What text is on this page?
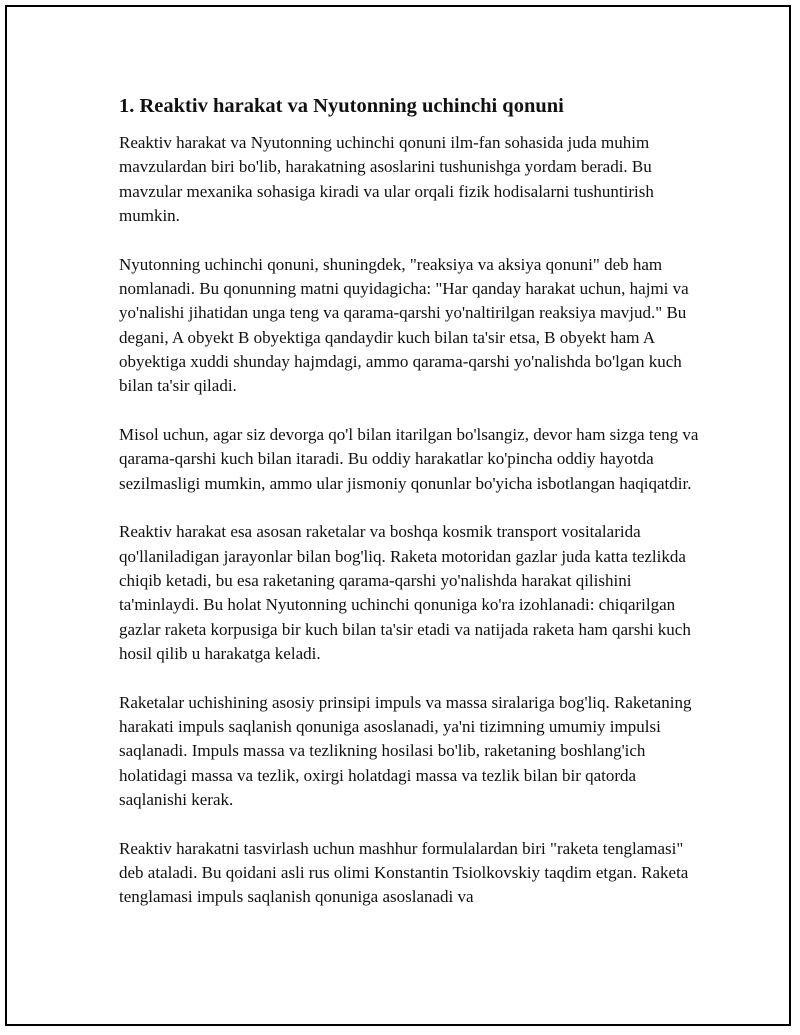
1. Reaktiv harakat va Nyutonning uchinchi qonuni

Reaktiv harakat va Nyutonning uchinchi qonuni ilm-fan sohasida juda muhim mavzulardan biri bo'lib, harakatning asoslarini tushunishga yordam beradi. Bu mavzular mexanika sohasiga kiradi va ular orqali fizik hodisalarni tushuntirish mumkin.

Nyutonning uchinchi qonuni, shuningdek, "reaksiya va aksiya qonuni" deb ham nomlanadi. Bu qonunning matni quyidagicha: "Har qanday harakat uchun, hajmi va yo'nalishi jihatidan unga teng va qarama-qarshi yo'naltirilgan reaksiya mavjud." Bu degani, A obyekt B obyektiga qandaydir kuch bilan ta'sir etsa, B obyekt ham A obyektiga xuddi shunday hajmdagi, ammo qarama-qarshi yo'nalishda bo'lgan kuch bilan ta'sir qiladi.

Misol uchun, agar siz devorga qo'l bilan itarilgan bo'lsangiz, devor ham sizga teng va qarama-qarshi kuch bilan itaradi. Bu oddiy harakatlar ko'pincha oddiy hayotda sezilmasligi mumkin, ammo ular jismoniy qonunlar bo'yicha isbotlangan haqiqatdir.

Reaktiv harakat esa asosan raketalar va boshqa kosmik transport vositalarida qo'llaniladigan jarayonlar bilan bog'liq. Raketa motoridan gazlar juda katta tezlikda chiqib ketadi, bu esa raketaning qarama-qarshi yo'nalishda harakat qilishini ta'minlaydi. Bu holat Nyutonning uchinchi qonuniga ko'ra izohlanadi: chiqarilgan gazlar raketa korpusiga bir kuch bilan ta'sir etadi va natijada raketa ham qarshi kuch hosil qilib u harakatga keladi.

Raketalar uchishining asosiy prinsipi impuls va massa siralariga bog'liq. Raketaning harakati impuls saqlanish qonuniga asoslanadi, ya'ni tizimning umumiy impulsi saqlanadi. Impuls massa va tezlikning hosilasi bo'lib, raketaning boshlang'ich holatidagi massa va tezlik, oxirgi holatdagi massa va tezlik bilan bir qatorda saqlanishi kerak.

Reaktiv harakatni tasvirlash uchun mashhur formulalardan biri "raketa tenglamasi" deb ataladi. Bu qoidani asli rus olimi Konstantin Tsiolkovskiy taqdim etgan. Raketa tenglamasi impuls saqlanish qonuniga asoslanadi va
